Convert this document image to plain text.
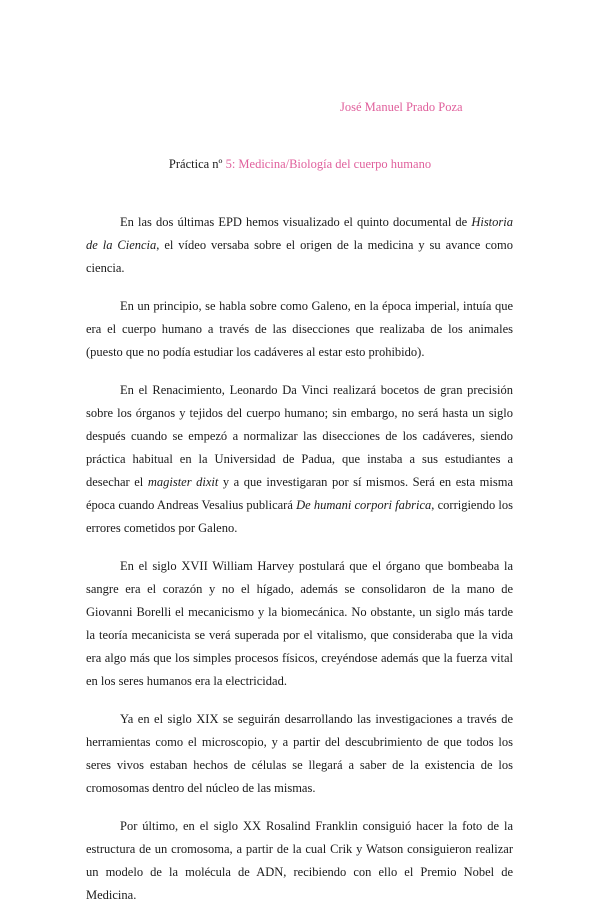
José Manuel Prado Poza
Práctica nº 5: Medicina/Biología del cuerpo humano

En las dos últimas EPD hemos visualizado el quinto documental de Historia de la Ciencia, el vídeo versaba sobre el origen de la medicina y su avance como ciencia.

En un principio, se habla sobre como Galeno, en la época imperial, intuía que era el cuerpo humano a través de las disecciones que realizaba de los animales (puesto que no podía estudiar los cadáveres al estar esto prohibido).

En el Renacimiento, Leonardo Da Vinci realizará bocetos de gran precisión sobre los órganos y tejidos del cuerpo humano; sin embargo, no será hasta un siglo después cuando se empezó a normalizar las disecciones de los cadáveres, siendo práctica habitual en la Universidad de Padua, que instaba a sus estudiantes a desechar el magister dixit y a que investigaran por sí mismos. Será en esta misma época cuando Andreas Vesalius publicará De humani corpori fabrica, corrigiendo los errores cometidos por Galeno.

En el siglo XVII William Harvey postulará que el órgano que bombeaba la sangre era el corazón y no el hígado, además se consolidaron de la mano de Giovanni Borelli el mecanicismo y la biomecánica. No obstante, un siglo más tarde la teoría mecanicista se verá superada por el vitalismo, que consideraba que la vida era algo más que los simples procesos físicos, creyéndose además que la fuerza vital en los seres humanos era la electricidad.

Ya en el siglo XIX se seguirán desarrollando las investigaciones a través de herramientas como el microscopio, y a partir del descubrimiento de que todos los seres vivos estaban hechos de células se llegará a saber de la existencia de los cromosomas dentro del núcleo de las mismas.

Por último, en el siglo XX Rosalind Franklin consiguió hacer la foto de la estructura de un cromosoma, a partir de la cual Crik y Watson consiguieron realizar un modelo de la molécula de ADN, recibiendo con ello el Premio Nobel de Medicina.
